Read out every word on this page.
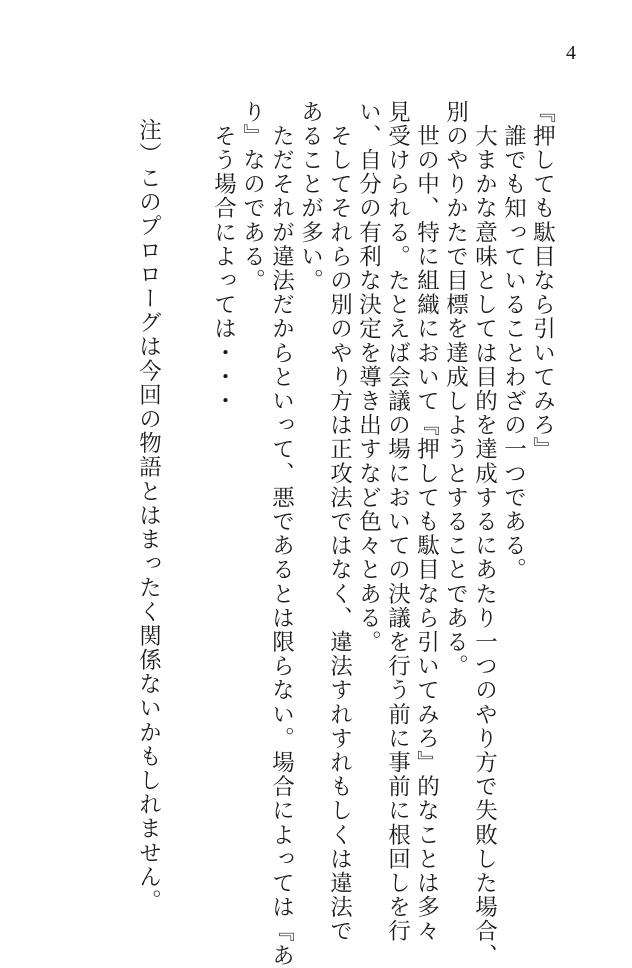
4
『押しても駄目なら引いてみろ』
　誰でも知っていることわざの一つである。
　大まかな意味としては目的を達成するにあたり一つのやり方で失敗した場合、
別のやりかたで目標を達成しようとすることである。
　世の中、特に組織において『押しても駄目なら引いてみろ』的なことは多々
見受けられる。たとえば会議の場においての決議を行う前に事前に根回しを行
い、自分の有利な決定を導き出すなど色々とある。
　そしてそれらの別のやり方は正攻法ではなく、違法すれすれもしくは違法で
あることが多い。
　ただそれが違法だからといって、悪であるとは限らない。場合によっては『あ
り』なのである。
　そう場合によっては・・・
注）このプロローグは今回の物語とはまったく関係ないかもしれません。
